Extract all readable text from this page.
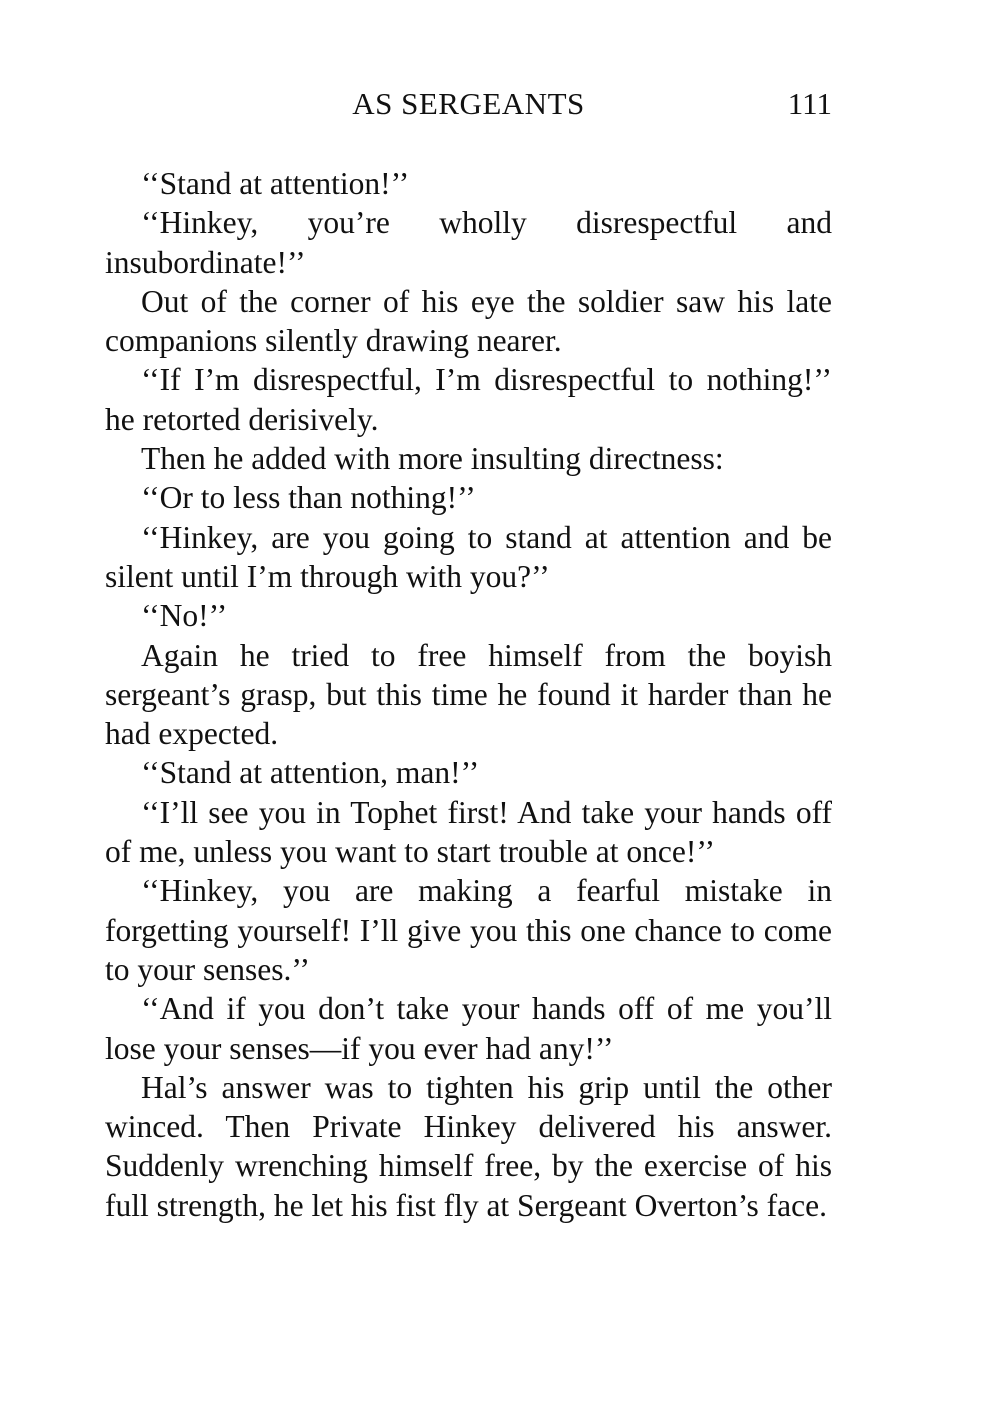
AS SERGEANTS	111

‘‘Stand at attention!’’

‘‘Hinkey, you’re wholly disrespectful and insubordinate!’’

Out of the corner of his eye the soldier saw his late companions silently drawing nearer.

‘‘If I’m disrespectful, I’m disrespectful to nothing!’’ he retorted derisively.

Then he added with more insulting directness:

‘‘Or to less than nothing!’’

‘‘Hinkey, are you going to stand at attention and be silent until I’m through with you?’’

‘‘No!’’

Again he tried to free himself from the boyish sergeant’s grasp, but this time he found it harder than he had expected.

‘‘Stand at attention, man!’’

‘‘I’ll see you in Tophet first! And take your hands off of me, unless you want to start trouble at once!’’

‘‘Hinkey, you are making a fearful mistake in forgetting yourself! I’ll give you this one chance to come to your senses.’’

‘‘And if you don’t take your hands off of me you’ll lose your senses—if you ever had any!’’

Hal’s answer was to tighten his grip until the other winced. Then Private Hinkey delivered his answer. Suddenly wrenching himself free, by the exercise of his full strength, he let his fist fly at Sergeant Overton’s face.
